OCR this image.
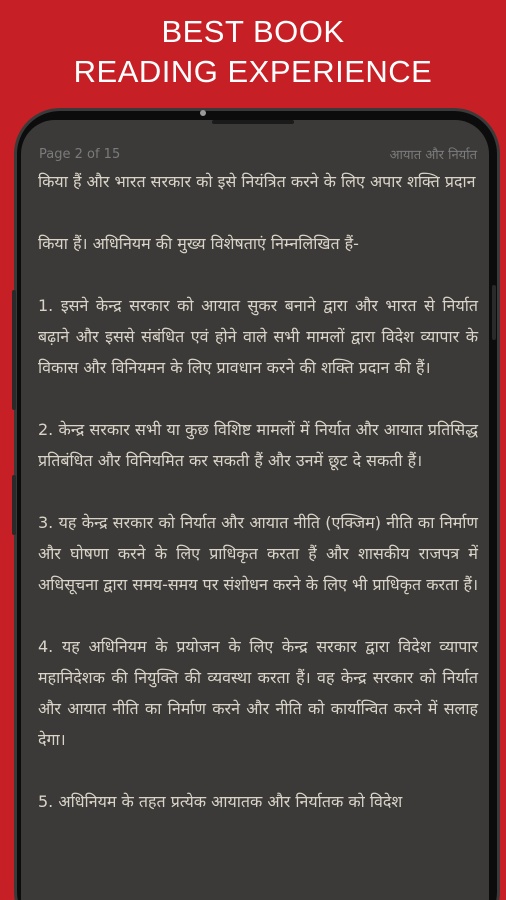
BEST BOOK
READING EXPERIENCE
Page 2 of 15	आयात और निर्यात

किया हैं और भारत सरकार को इसे नियंत्रित करने के लिए अपार शक्ति प्रदान

किया हैं। अधिनियम की मुख्य विशेषताएं निम्नलिखित हैं-

1. इसने केन्द्र सरकार को आयात सुकर बनाने द्वारा और भारत से निर्यात बढ़ाने और इससे संबंधित एवं होने वाले सभी मामलों द्वारा विदेश व्यापार के विकास और विनियमन के लिए प्रावधान करने की शक्ति प्रदान की हैं।

2. केन्द्र सरकार सभी या कुछ विशिष्ट मामलों में निर्यात और आयात प्रतिसिद्ध प्रतिबंधित और विनियमित कर सकती हैं और उनमें छूट दे सकती हैं।

3. यह केन्द्र सरकार को निर्यात और आयात नीति (एक्जिम) नीति का निर्माण और घोषणा करने के लिए प्राधिकृत करता हैं और शासकीय राजपत्र में अधिसूचना द्वारा समय-समय पर संशोधन करने के लिए भी प्राधिकृत करता हैं।

4. यह अधिनियम के प्रयोजन के लिए केन्द्र सरकार द्वारा विदेश व्यापार महानिदेशक की नियुक्ति की व्यवस्था करता हैं। वह केन्द्र सरकार को निर्यात और आयात नीति का निर्माण करने और नीति को कार्यान्वित करने में सलाह देगा।

5. अधिनियम के तहत प्रत्येक आयातक और निर्यातक को विदेश
